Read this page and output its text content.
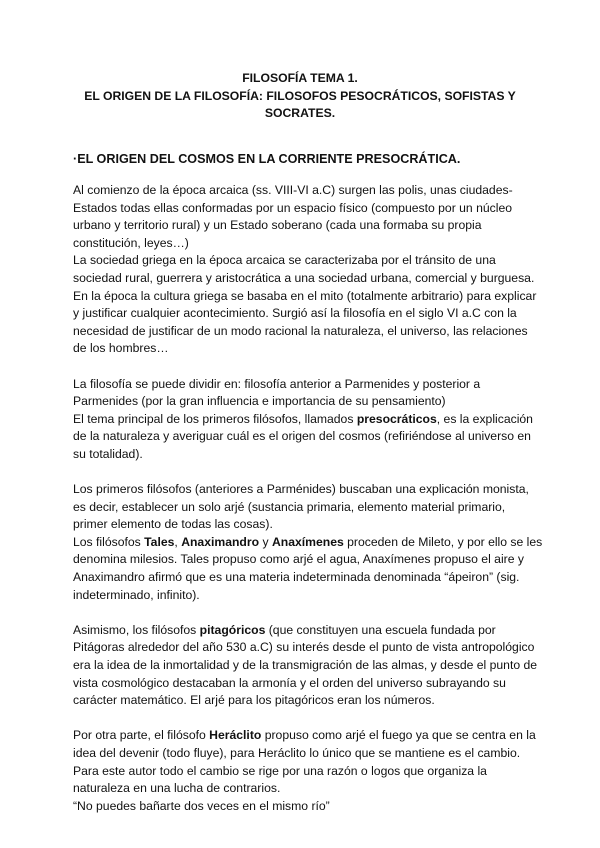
FILOSOFÍA TEMA 1.
EL ORIGEN DE LA FILOSOFÍA: FILOSOFOS PESOCRÁTICOS, SOFISTAS Y
SOCRATES.
·EL ORIGEN DEL COSMOS EN LA CORRIENTE PRESOCRÁTICA.

Al comienzo de la época arcaica (ss. VIII-VI a.C) surgen las polis, unas ciudades-Estados todas ellas conformadas por un espacio físico (compuesto por un núcleo urbano y territorio rural) y un Estado soberano (cada una formaba su propia constitución, leyes…)

La sociedad griega en la época arcaica se caracterizaba por el tránsito de una sociedad rural, guerrera y aristocrática a una sociedad urbana, comercial y burguesa.

En la época la cultura griega se basaba en el mito (totalmente arbitrario) para explicar y justificar cualquier acontecimiento. Surgió así la filosofía en el siglo VI a.C con la necesidad de justificar de un modo racional la naturaleza, el universo, las relaciones de los hombres…

La filosofía se puede dividir en: filosofía anterior a Parmenides y posterior a Parmenides (por la gran influencia e importancia de su pensamiento)

El tema principal de los primeros filósofos, llamados presocráticos, es la explicación de la naturaleza y averiguar cuál es el origen del cosmos (refiriéndose al universo en su totalidad).

Los primeros filósofos (anteriores a Parménides) buscaban una explicación monista, es decir, establecer un solo arjé (sustancia primaria, elemento material primario, primer elemento de todas las cosas).

Los filósofos Tales, Anaximandro y Anaxímenes proceden de Mileto, y por ello se les denomina milesios. Tales propuso como arjé el agua, Anaxímenes propuso el aire y Anaximandro afirmó que es una materia indeterminada denominada “ápeiron” (sig. indeterminado, infinito).

Asimismo, los filósofos pitagóricos (que constituyen una escuela fundada por Pitágoras alrededor del año 530 a.C) su interés desde el punto de vista antropológico era la idea de la inmortalidad y de la transmigración de las almas, y desde el punto de vista cosmológico destacaban la armonía y el orden del universo subrayando su carácter matemático. El arjé para los pitagóricos eran los números.

Por otra parte, el filósofo Heráclito propuso como arjé el fuego ya que se centra en la idea del devenir (todo fluye), para Heráclito lo único que se mantiene es el cambio. Para este autor todo el cambio se rige por una razón o logos que organiza la naturaleza en una lucha de contrarios.

“No puedes bañarte dos veces en el mismo río”
